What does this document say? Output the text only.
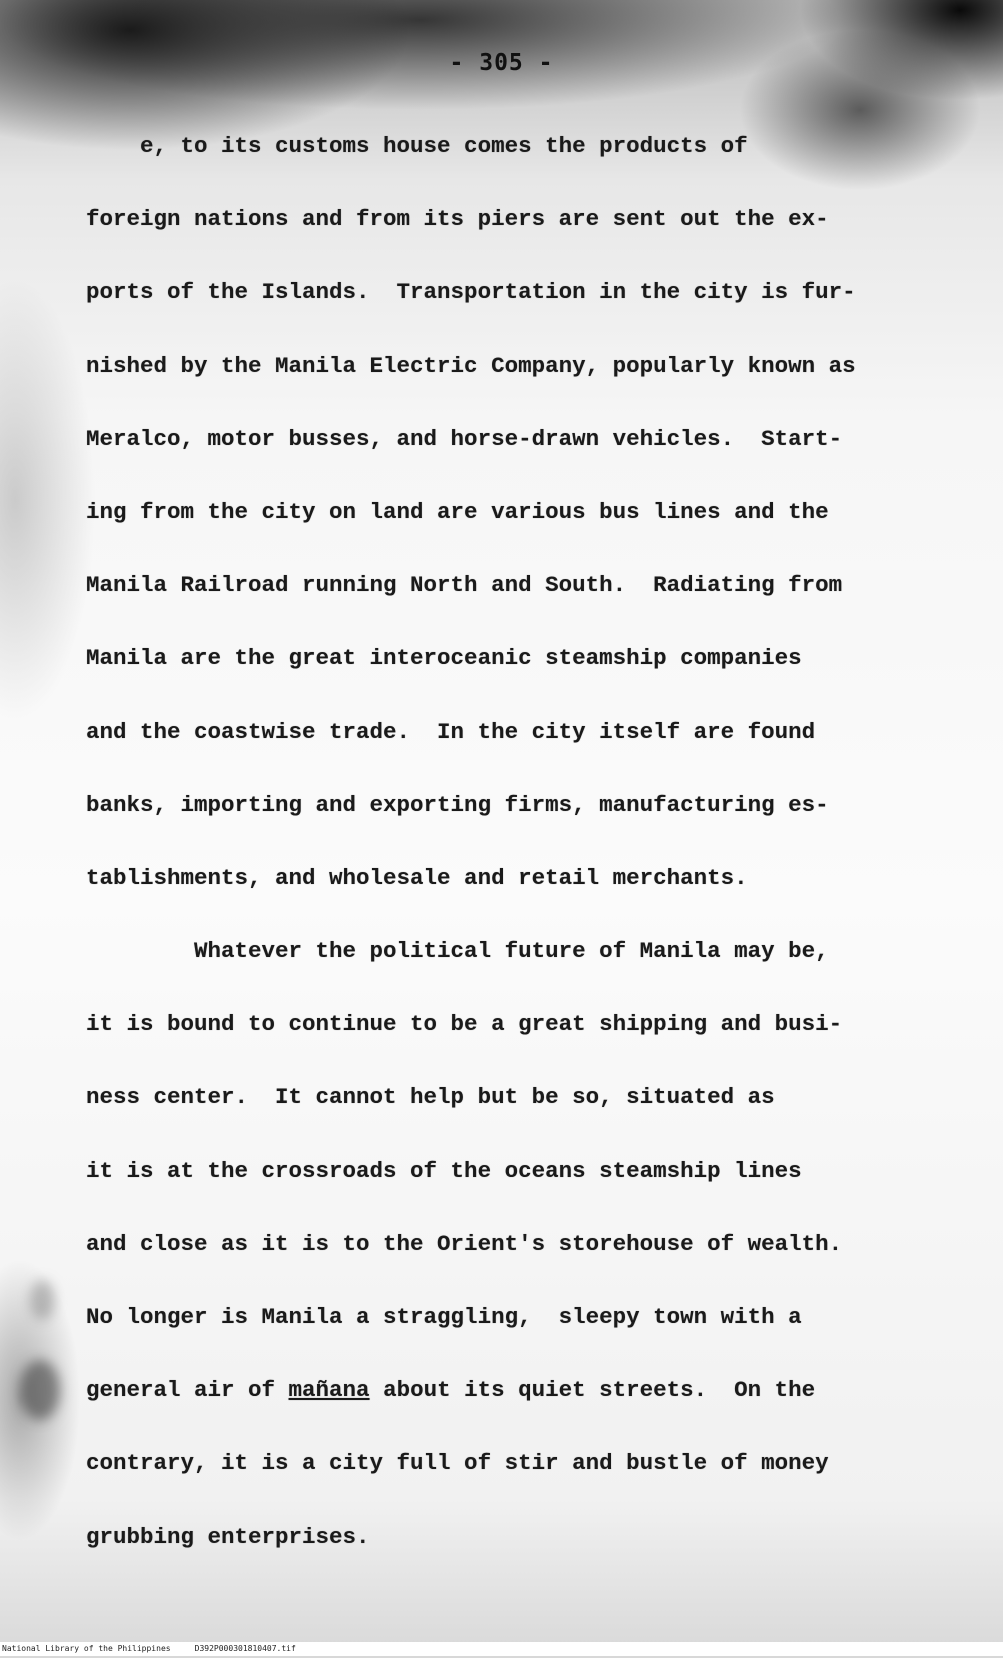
- 305 -
e, to its customs house comes the products of
foreign nations and from its piers are sent out the ex-
ports of the Islands.  Transportation in the city is fur-
nished by the Manila Electric Company, popularly known as
Meralco, motor busses, and horse-drawn vehicles.  Start-
ing from the city on land are various bus lines and the
Manila Railroad running North and South.  Radiating from
Manila are the great interoceanic steamship companies
and the coastwise trade.  In the city itself are found
banks, importing and exporting firms, manufacturing es-
tablishments, and wholesale and retail merchants.
Whatever the political future of Manila may be,
it is bound to continue to be a great shipping and busi-
ness center.  It cannot help but be so, situated as
it is at the crossroads of the oceans steamship lines
and close as it is to the Orient's storehouse of wealth.
No longer is Manila a straggling,  sleepy town with a
general air of mañana about its quiet streets.  On the
contrary, it is a city full of stir and bustle of money
grubbing enterprises.
National Library of the Philippines     D392P000301810407.tif
